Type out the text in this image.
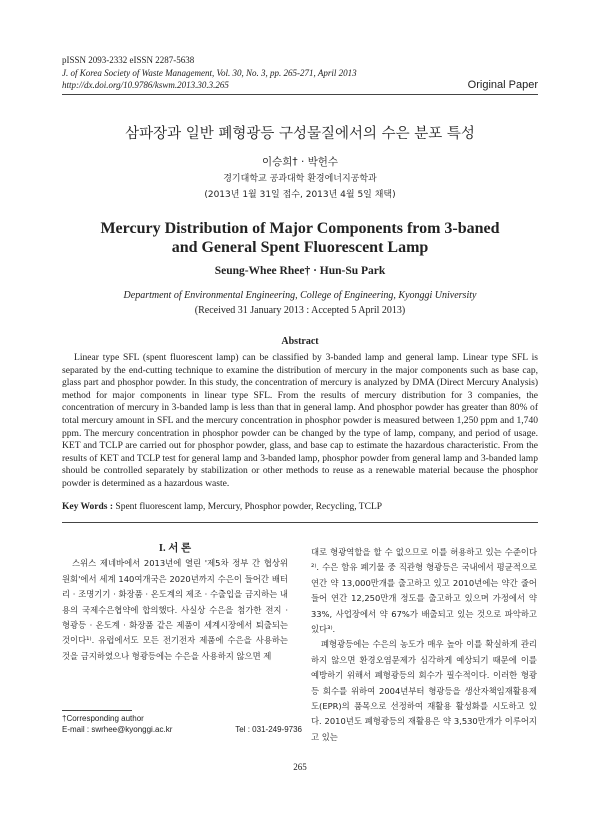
pISSN 2093-2332 eISSN 2287-5638
J. of Korea Society of Waste Management, Vol. 30, No. 3, pp. 265-271, April 2013
http://dx.doi.org/10.9786/kswm.2013.30.3.265	Original Paper
삼파장과 일반 폐형광등 구성물질에서의 수은 분포 특성
이승희† · 박헌수
경기대학교 공과대학 환경에너지공학과
(2013년 1월 31일 접수, 2013년 4월 5일 채택)
Mercury Distribution of Major Components from 3-baned
and General Spent Fluorescent Lamp
Seung-Whee Rhee† · Hun-Su Park
Department of Environmental Engineering, College of Engineering, Kyonggi University
(Received 31 January 2013 : Accepted 5 April 2013)
Abstract
Linear type SFL (spent fluorescent lamp) can be classified by 3-banded lamp and general lamp. Linear type SFL is separated by the end-cutting technique to examine the distribution of mercury in the major components such as base cap, glass part and phosphor powder. In this study, the concentration of mercury is analyzed by DMA (Direct Mercury Analysis) method for major components in linear type SFL. From the results of mercury distribution for 3 companies, the concentration of mercury in 3-banded lamp is less than that in general lamp. And phosphor powder has greater than 80% of total mercury amount in SFL and the mercury concentration in phosphor powder is measured between 1,250 ppm and 1,740 ppm. The mercury concentration in phosphor powder can be changed by the type of lamp, company, and period of usage. KET and TCLP are carried out for phosphor powder, glass, and base cap to estimate the hazardous characteristic. From the results of KET and TCLP test for general lamp and 3-banded lamp, phosphor powder from general lamp and 3-banded lamp should be controlled separately by stabilization or other methods to reuse as a renewable material because the phosphor powder is determined as a hazardous waste.
Key Words : Spent fluorescent lamp, Mercury, Phosphor powder, Recycling, TCLP

I. 서 론

스위스 제네바에서 2013년에 열린 '제5차 정부 간 협상위원회'에서 세계 140여개국은 2020년까지 수은이 들어간 배터리 · 조명기기 · 화장품 · 온도계의 제조 · 수출입을 금지하는 내용의 국제수은협약에 합의했다. 사실상 수은을 첨가한 전지 · 형광등 · 온도계 · 화장품 같은 제품이 세계시장에서 퇴출되는 것이다¹⁾. 유럽에서도 모든 전기전자 제품에 수은을 사용하는 것을 금지하였으나 형광등에는 수은을 사용하지 않으면 제

대로 형광역할을 할 수 없으므로 이를 허용하고 있는 수준이다²⁾. 수은 함유 폐기물 중 직관형 형광등은 국내에서 평균적으로 연간 약 13,000만개를 출고하고 있고 2010년에는 약간 줄어들어 연간 12,250만개 정도를 출고하고 있으며 가정에서 약 33%, 사업장에서 약 67%가 배출되고 있는 것으로 파악하고 있다³⁾.

폐형광등에는 수은의 농도가 매우 높아 이를 확실하게 관리하지 않으면 환경오염문제가 심각하게 예상되기 때문에 이를 예방하기 위해서 폐형광등의 회수가 필수적이다. 이러한 형광등 회수를 위하여 2004년부터 형광등을 생산자책임재활용제도(EPR)의 품목으로 선정하여 재활용 활성화를 시도하고 있다. 2010년도 폐형광등의 재활용은 약 3,530만개가 이루어지고 있는

†Corresponding author
E-mail : swrhee@kyonggi.ac.kr	Tel : 031-249-9736
265
